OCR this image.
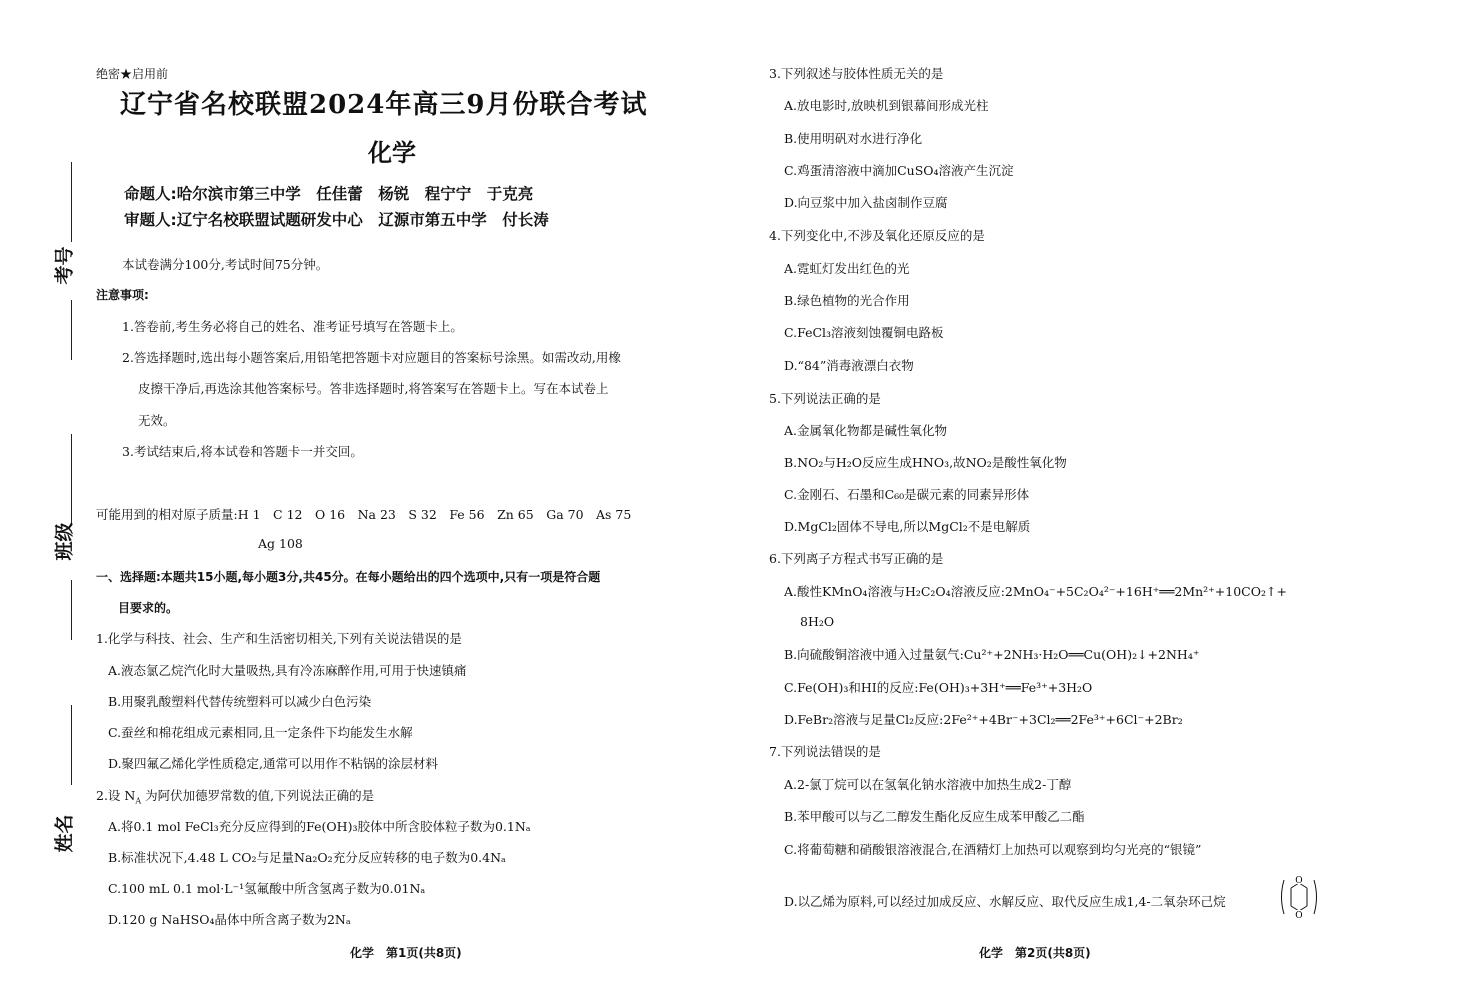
考号
班级
姓名
绝密★启用前
辽宁省名校联盟2024年高三9月份联合考试
化学
命题人:哈尔滨市第三中学　任佳蕾　杨锐　程宁宁　于克亮
审题人:辽宁名校联盟试题研发中心　辽源市第五中学　付长涛
本试卷满分100分,考试时间75分钟。
注意事项:
1.答卷前,考生务必将自己的姓名、准考证号填写在答题卡上。
2.答选择题时,选出每小题答案后,用铅笔把答题卡对应题目的答案标号涂黑。如需改动,用橡
皮擦干净后,再选涂其他答案标号。答非选择题时,将答案写在答题卡上。写在本试卷上
无效。
3.考试结束后,将本试卷和答题卡一并交回。
可能用到的相对原子质量:H 1　C 12　O 16　Na 23　S 32　Fe 56　Zn 65　Ga 70　As 75
Ag 108
一、选择题:本题共15小题,每小题3分,共45分。在每小题给出的四个选项中,只有一项是符合题
目要求的。
1.化学与科技、社会、生产和生活密切相关,下列有关说法错误的是
A.液态氯乙烷汽化时大量吸热,具有冷冻麻醉作用,可用于快速镇痛
B.用聚乳酸塑料代替传统塑料可以减少白色污染
C.蚕丝和棉花组成元素相同,且一定条件下均能发生水解
D.聚四氟乙烯化学性质稳定,通常可以用作不粘锅的涂层材料
2.设 $N_A$ 为阿伏加德罗常数的值,下列说法正确的是
A.将0.1 mol FeCl₃充分反应得到的Fe(OH)₃胶体中所含胶体粒子数为0.1Nₐ
B.标准状况下,4.48 L CO₂与足量Na₂O₂充分反应转移的电子数为0.4Nₐ
C.100 mL 0.1 mol·L⁻¹氢氟酸中所含氢离子数为0.01Nₐ
D.120 g NaHSO₄晶体中所含离子数为2Nₐ
化学　第1页(共8页)	化学　第2页(共8页)
3.下列叙述与胶体性质无关的是
A.放电影时,放映机到银幕间形成光柱
B.使用明矾对水进行净化
C.鸡蛋清溶液中滴加CuSO₄溶液产生沉淀
D.向豆浆中加入盐卤制作豆腐
4.下列变化中,不涉及氧化还原反应的是
A.霓虹灯发出红色的光
B.绿色植物的光合作用
C.FeCl₃溶液刻蚀覆铜电路板
D.“84”消毒液漂白衣物
5.下列说法正确的是
A.金属氧化物都是碱性氧化物
B.NO₂与H₂O反应生成HNO₃,故NO₂是酸性氧化物
C.金刚石、石墨和C₆₀是碳元素的同素异形体
D.MgCl₂固体不导电,所以MgCl₂不是电解质
6.下列离子方程式书写正确的是
A.酸性KMnO₄溶液与H₂C₂O₄溶液反应:2MnO₄⁻+5C₂O₄²⁻+16H⁺══2Mn²⁺+10CO₂↑+
8H₂O
B.向硫酸铜溶液中通入过量氨气:Cu²⁺+2NH₃·H₂O══Cu(OH)₂↓+2NH₄⁺
C.Fe(OH)₃和HI的反应:Fe(OH)₃+3H⁺══Fe³⁺+3H₂O
D.FeBr₂溶液与足量Cl₂反应:2Fe²⁺+4Br⁻+3Cl₂══2Fe³⁺+6Cl⁻+2Br₂
7.下列说法错误的是
A.2-氯丁烷可以在氢氧化钠水溶液中加热生成2-丁醇
B.苯甲酸可以与乙二醇发生酯化反应生成苯甲酸乙二酯
C.将葡萄糖和硝酸银溶液混合,在酒精灯上加热可以观察到均匀光亮的“银镜”
D.以乙烯为原料,可以经过加成反应、水解反应、取代反应生成1,4-二氧杂环己烷
O
O
